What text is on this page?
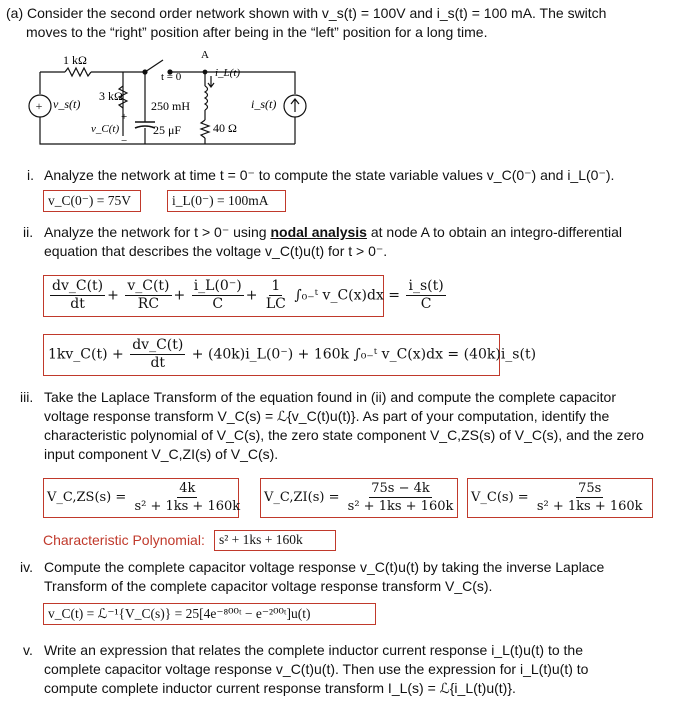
(a) Consider the second order network shown with v_s(t) = 100V and i_s(t) = 100 mA. The switch
moves to the “right” position after being in the “left” position for a long time.
+
1 kΩ
3 kΩ
A
t = 0	i_L(t)
v_s(t)	i_s(t)
250 mH
25 μF	40 Ω
v_C(t)
+
−
i. Analyze the network at time t = 0⁻ to compute the state variable values v_C(0⁻) and i_L(0⁻).
v_C(0⁻) = 75V	i_L(0⁻) = 100mA
ii. Analyze the network for t > 0⁻ using nodal analysis at node A to obtain an integro-differential
equation that describes the voltage v_C(t)u(t) for t > 0⁻.
$\frac{dv\_C(t)}{dt} + \frac{v\_C(t)}{RC} + \frac{i\_L(0^-)}{C} + \frac{1}{LC}$ ∫₀₋ᵗ v_C(x)dx = $\frac{i\_s(t)}{C}$
1kv_C(t) + $\frac{dv\_C(t)}{dt}$ + (40k)i_L(0⁻) + 160k ∫₀₋ᵗ v_C(x)dx = (40k)i_s(t)
iii. Take the Laplace Transform of the equation found in (ii) and compute the complete capacitor
voltage response transform V_C(s) = ℒ{v_C(t)u(t)}. As part of your computation, identify the
characteristic polynomial of V_C(s), the zero state component V_C,ZS(s) of V_C(s), and the zero
input component V_C,ZI(s) of V_C(s).
V_C,ZS(s) = $\frac{4k}{\text{s² + 1ks + 160k}}$	V_C,ZI(s) = $\frac{75s - 4k}{\text{s² + 1ks + 160k}}$	V_C(s) = $\frac{75s}{\text{s² + 1ks + 160k}}$
Characteristic Polynomial:	s² + 1ks + 160k
iv. Compute the complete capacitor voltage response v_C(t)u(t) by taking the inverse Laplace
Transform of the complete capacitor voltage response transform V_C(s).
v_C(t) = ℒ⁻¹{V_C(s)} = 25[4e⁻⁸⁰⁰ᵗ − e⁻²⁰⁰ᵗ]u(t)
v. Write an expression that relates the complete inductor current response i_L(t)u(t) to the
complete capacitor voltage response v_C(t)u(t). Then use the expression for i_L(t)u(t) to
compute complete inductor current response transform I_L(s) = ℒ{i_L(t)u(t)}.
